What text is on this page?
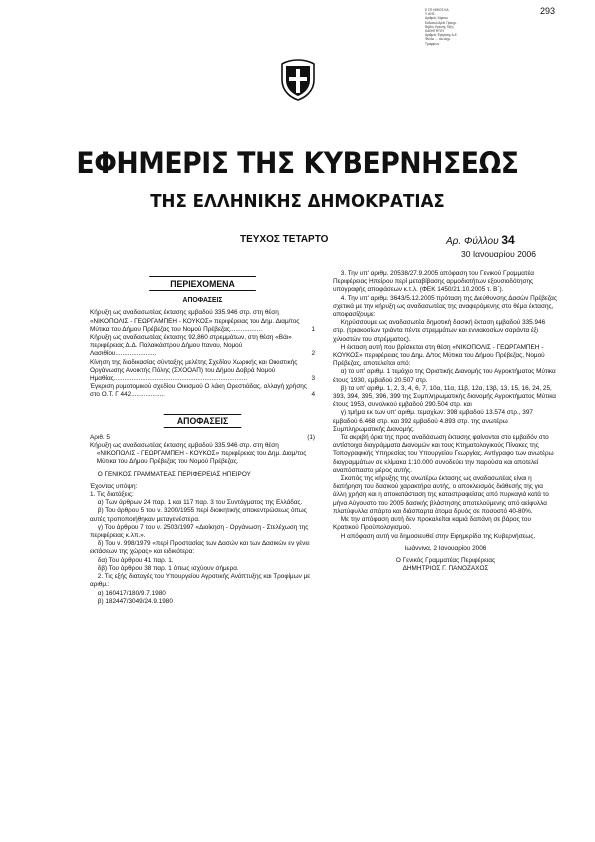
293
Ε ΣΠ ΗΜΙΟΣ ΚΑ
Υ. ΔΗΣ.
Αριθμός Χάρτου
Εκδοτικό Αριθ. Πραγμ.
Βιβλίο Υγιεινής Τάξη
ΚΑΘΗΓΗΤΟΥ
Αριθμός Έγκρισης Δ.Ε.
Φύλλο ... του Δημ.
Τροφίμων
ΕΦΗΜΕΡΙΣ ΤΗΣ ΚΥΒΕΡΝΗΣΕΩΣ
ΤΗΣ ΕΛΛΗΝΙΚΗΣ ΔΗΜΟΚΡΑΤΙΑΣ
ΤΕΥΧΟΣ ΤΕΤΑΡΤΟ	Αρ. Φύλλου 34
30 Ιανουαρίου 2006
ΠΕΡΙΕΧΟΜΕΝΑ
ΑΠΟΦΑΣΕΙΣ
Κήρυξη ως αναδασωτέας έκτασης εμβαδού 335.946 στρ. στη θέση «ΝΙΚΟΠΟΛΙΣ - ΓΕΩΡΓΑΜΠΕΗ - ΚΟΥΚΟΣ» περιφέρειας του Δημ. Διαμ/τος Μύτικα του Δήμου Πρέβεζας του Νομού Πρέβεζας..................	1
Κήρυξη ως αναδασωτέας έκτασης 92,860 στρεμμάτων, στη θέση «Βάι» περιφέρειας Δ.Δ. Παλαικάστρου Δήμου Ιτανου, Νομού Λασιθίου.......................	2
Κίνηση της διαδικασίας σύνταξης μελέτης Σχεδίου Χωρικής και Οικιστικής Οργάνωσης Ανοικτής Πόλης (ΣΧΟΟΑΠ) του Δήμου Δοβρά Νομού Ημαθίας...........................................................................	3
Έγκριση ρυμοτομικού σχεδίου Οικισμού Ο λάκη Ορεστιάδας, αλλαγή χρήσης στο Ο.Τ. Γ 442...................	4
ΑΠΟΦΑΣΕΙΣ
Αριθ. 5	(1)

Κήρυξη ως αναδασωτέας έκτασης εμβαδού 335.946 στρ. στη θέση «ΝΙΚΟΠΟΛΙΣ - ΓΕΩΡΓΑΜΠΕΗ - ΚΟΥΚΟΣ» περιφέρειας του Δημ. Διαμ/τος Μύτικα του Δήμου Πρέβεζας του Νομού Πρέβεζας.

Ο ΓΕΝΙΚΟΣ ΓΡΑΜΜΑΤΕΑΣ ΠΕΡΙΦΕΡΕΙΑΣ ΗΠΕΙΡΟΥ

Έχοντας υπόψη:

1. Τις διατάξεις:

α) Των άρθρων 24 παρ. 1 και 117 παρ. 3 του Συντάγματος της Ελλάδας.

β) Του άρθρου 5 του ν. 3200/1955 περί διοικητικής αποκεντρώσεως όπως αυτές τροποποιήθηκαν μεταγενέστερα.

γ) Του άρθρου 7 του ν. 2503/1997 «Διοίκηση - Οργάνωση - Στελέχωση της περιφέρειας κ.λπ.».

δ) Του ν. 998/1979 «περί Προστασίας των Δασών και των Δασικών εν γένει εκτάσεων της χώρας» και ειδικότερα:

δα) Του άρθρου 41 παρ. 1.

δβ) Του άρθρου 38 παρ. 1 όπως ισχύουν σήμερα.

2. Τις εξής διαταγές του Υπουργείου Αγροτικής Ανάπτυξης και Τροφίμων με αριθμ.:

α) 160417/180/9.7.1980

β) 182447/3049/24.9.1980

3. Την υπ' αριθμ. 20538/27.9.2005 απόφαση του Γενικού Γραμματέα Περιφέρειας Ηπείρου περί μεταβίβασης αρμοδιοτήτων εξουσιοδότησης υπογραφής αποφάσεων κ.τ.λ. (ΦΕΚ 1450/21.10.2005 τ. Β΄).

4. Την υπ' αριθμ. 3643/5.12.2005 πρόταση της Διεύθυνσης Δασών Πρέβεζας σχετικά με την κήρυξη ως αναδασωτέας της αναφερόμενης στο θέμα έκτασης, αποφασίζουμε:

Κηρύσσουμε ως αναδασωτέα δημοτική δασική έκταση εμβαδού 335.946 στρ. (τριακοσίων τριάντα πέντε στρεμμάτων και εννιακοσίων σαράντα έξι χιλιοστών του στρέμματος).

Η έκταση αυτή που βρίσκεται στη θέση «ΝΙΚΟΠΟΛΙΣ - ΓΕΩΡΓΑΜΠΕΗ - ΚΟΥΚΟΣ» περιφέρειας του Δημ. Δ/τος Μύτικα του Δήμου Πρέβεζας, Νομού Πρέβεζας, αποτελείται από:

α) το υπ' αριθμ. 1 τεμάχιο της Οριστικής Διανομής του Αγροκτήματος Μύτικα έτους 1930, εμβαδού 20.507 στρ.

β) τα υπ' αριθμ. 1, 2, 3, 4, 6, 7, 10α, 11α, 11β, 12α, 13β, 13, 15, 16, 24, 25, 393, 394, 395, 396, 399 της Συμπληρωματικής διανομής Αγροκτήματος Μύτικα έτους 1953, συνολικού εμβαδού 290.504 στρ. και

γ) τμήμα εκ των υπ' αριθμ. τεμαχίων: 398 εμβαδού 13.574 στρ., 397 εμβαδού 6.468 στρ. και 392 εμβαδού 4.893 στρ. της ανωτέρω Συμπληρωματικής Διανομής.

Τα ακριβή όρια της προς αναδάσωση έκτασης φαίνονται στο εμβαδόν στο αντίστοιχα διαγράμματα Διανομών και τους Κτηματολογικούς Πίνακες της Τοπογραφικής Υπηρεσίας του Υπουργείου Γεωργίας. Αντίγραφο των ανωτέρω διαγραμμάτων σε κλίμακα 1:10.000 συνοδεύει την παρούσα και αποτελεί αναπόσπαστο μέρος αυτής.

Σκοπός της κήρυξης της ανωτέρω έκτασης ως αναδασωτέας είναι η διατήρηση του δασικού χαρακτήρα αυτής, ο αποκλεισμός διάθεσής της για άλλη χρήση και η αποκατάσταση της καταστραφείσας από πυρκαγιά κατά το μήνα Αύγουστο του 2005 δασικής βλάστησης αποτελούμενης από αείφυλλα πλατύφυλλα σπάρτο και διάσπαρτα άτομα δρυός σε ποσοστό 40-80%.

Με την απόφαση αυτή δεν προκαλείται καμιά δαπάνη σε βάρος του Κρατικού Προϋπολογισμού.

Η απόφαση αυτή να δημοσιευθεί στην Εφημερίδα της Κυβερνήσεως.

Ιωάννινα, 2 Ιανουαρίου 2006

Ο Γενικός Γραμματέας Περιφέρειας

ΔΗΜΗΤΡΙΟΣ Γ. ΠΑΝΟΖΑΧΟΣ
